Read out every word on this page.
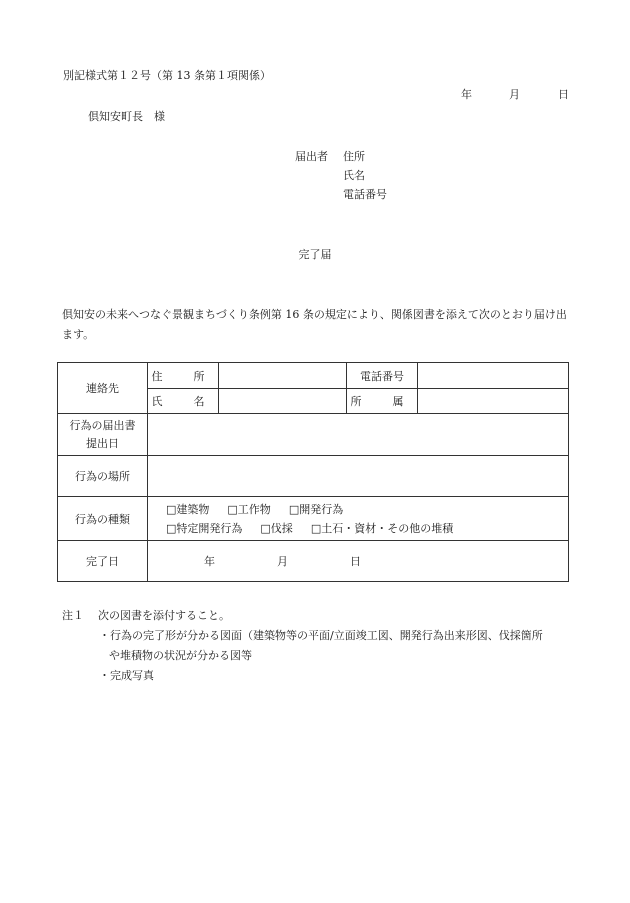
別記様式第１２号（第 13 条第１項関係）
年	月	日
倶知安町長　様
届出者 住所
氏名
電話番号
完了届
倶知安の未来へつなぐ景観まちづくり条例第 16 条の規定により、関係図書を添えて次のとおり届け出ます。
連絡先	住　所		電話番号	
	氏　名		所　属	

行為の届出書
提出日				

行為の場所				
行為の種類	□建築物 □工作物 □開発行為
□特定開発行為 □伐採 □土石・資材・その他の堆積			

完了日	年 月 日			
注１ 次の図書を添付すること。
・行為の完了形が分かる図面（建築物等の平面/立面竣工図、開発行為出来形図、伐採箇所
や堆積物の状況が分かる図等
・完成写真
